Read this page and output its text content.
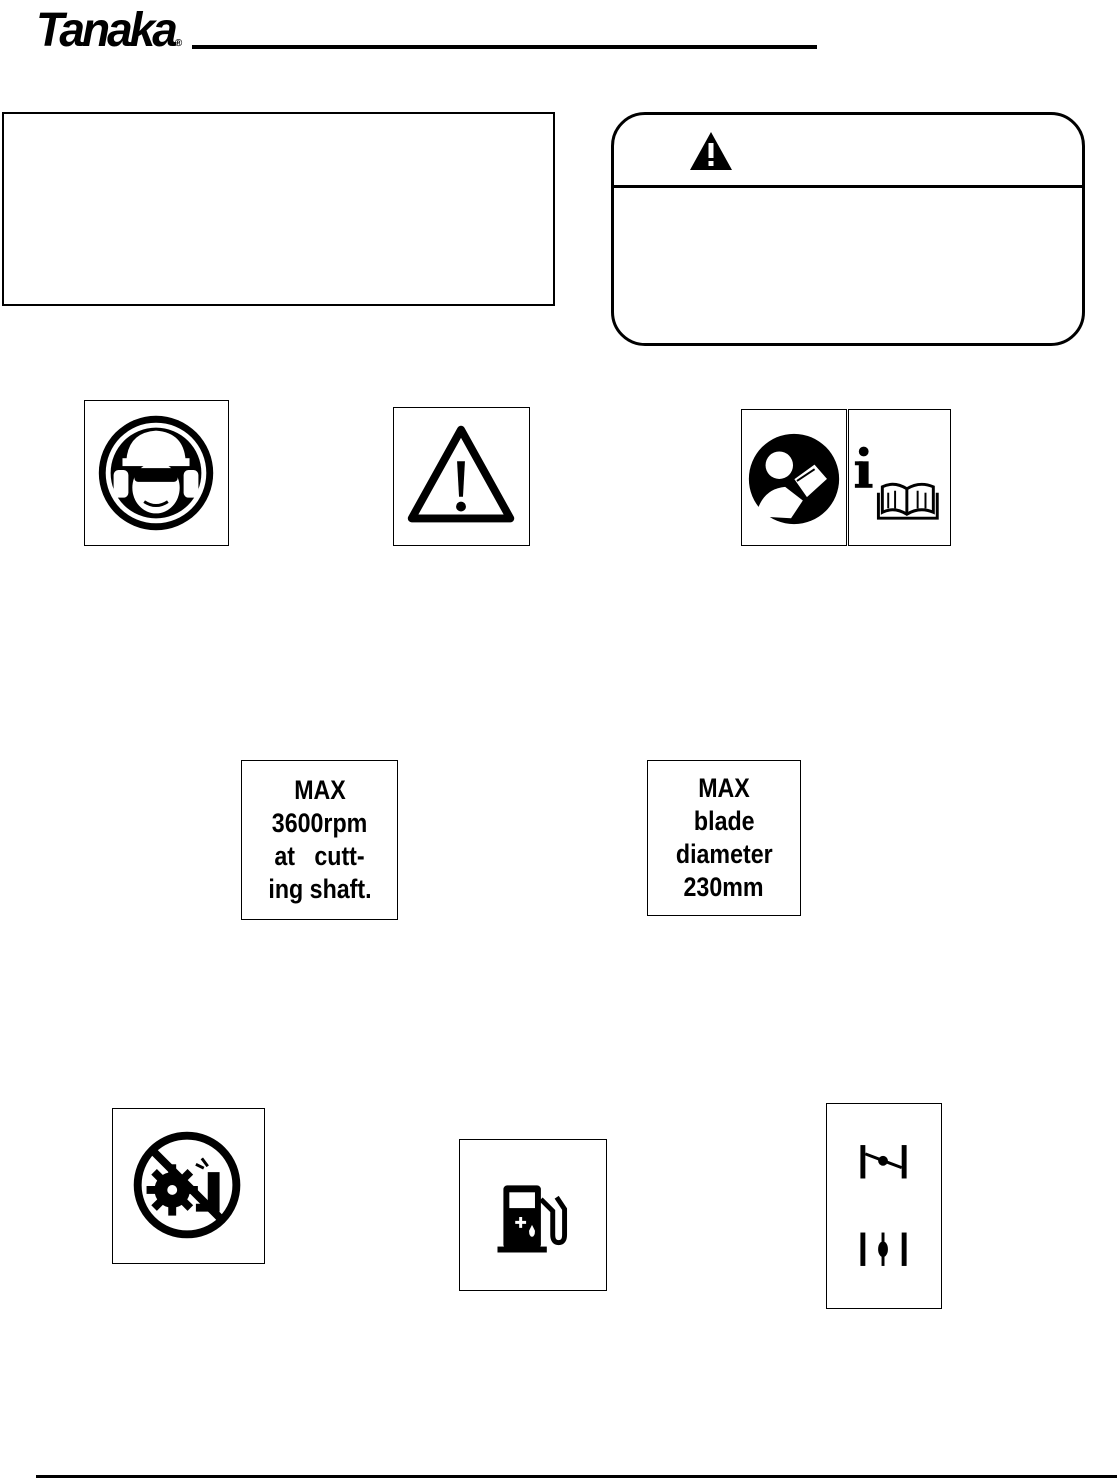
Tanaka®
MAX
3600rpm
at   cutt-
ing shaft.
MAX
blade
diameter
230mm
